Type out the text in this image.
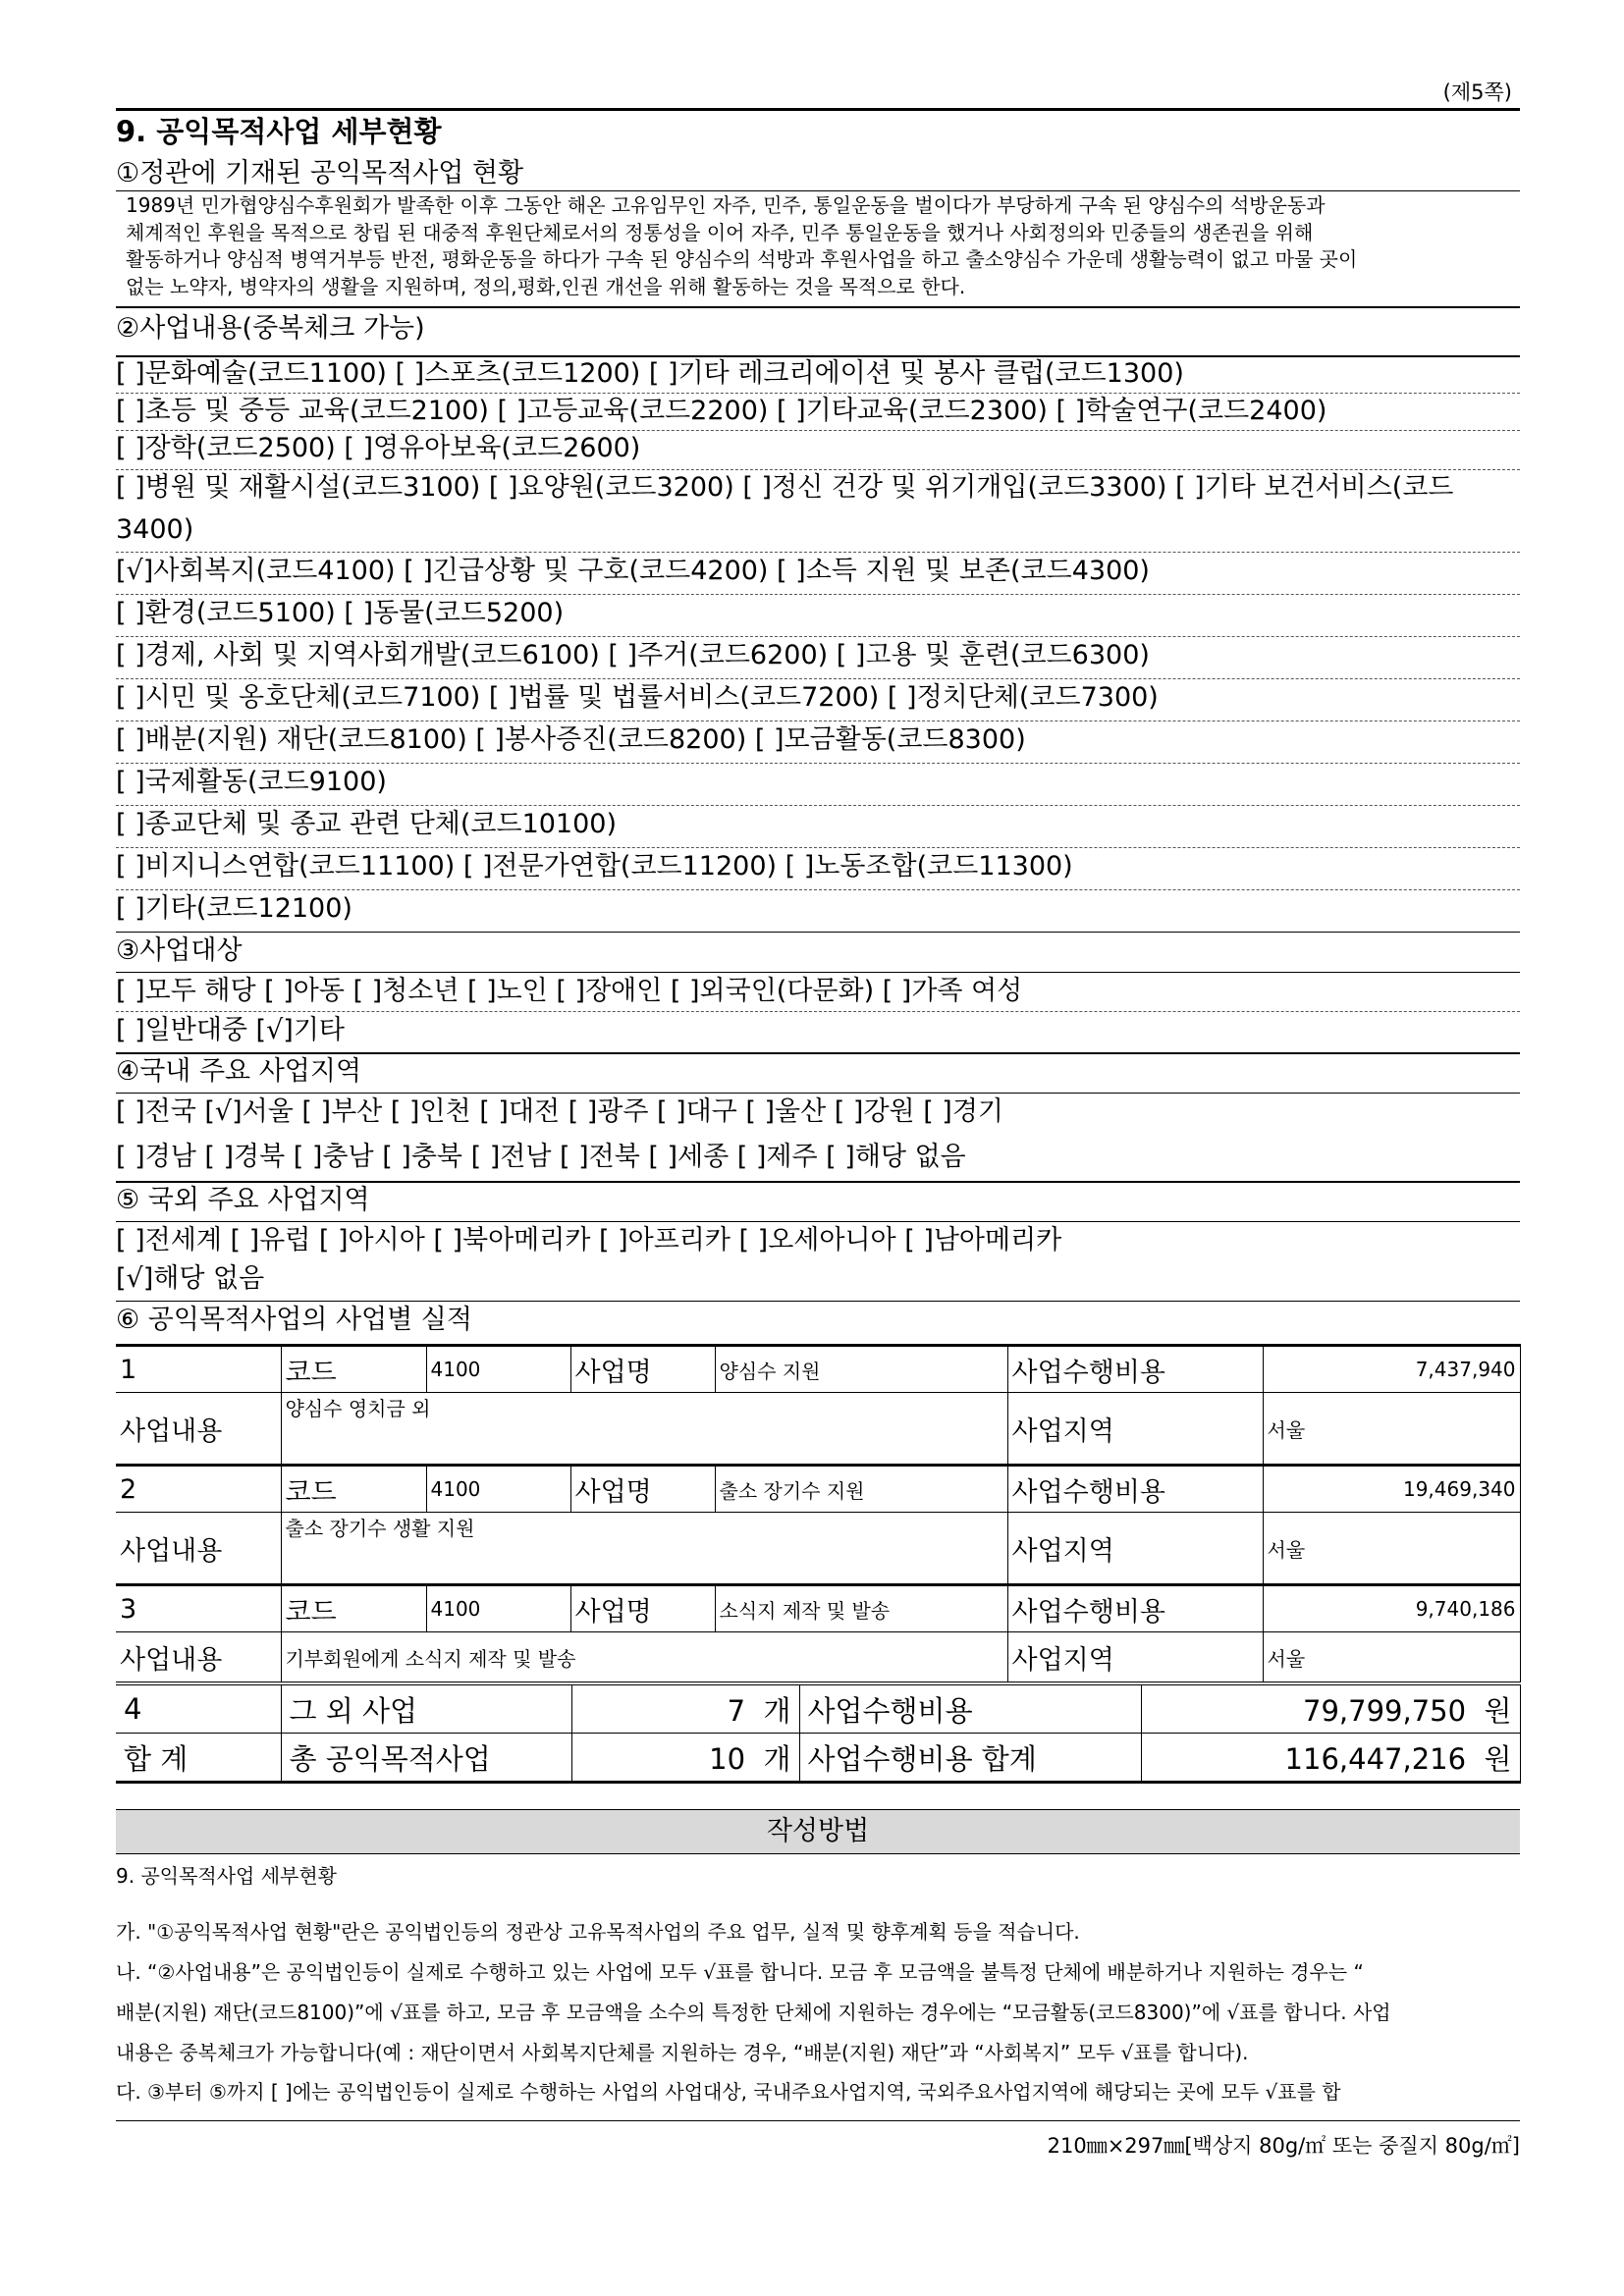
(제5쪽)
9. 공익목적사업 세부현황
①정관에 기재된 공익목적사업 현황
1989년 민가협양심수후원회가 발족한 이후 그동안 해온 고유임무인 자주, 민주, 통일운동을 벌이다가 부당하게 구속 된 양심수의 석방운동과
체계적인 후원을 목적으로 창립 된 대중적 후원단체로서의 정통성을 이어 자주, 민주 통일운동을 했거나 사회정의와 민중들의 생존권을 위해
활동하거나 양심적 병역거부등 반전, 평화운동을 하다가 구속 된 양심수의 석방과 후원사업을 하고 출소양심수 가운데 생활능력이 없고 마물 곳이
없는 노약자, 병약자의 생활을 지원하며, 정의,평화,인권 개선을 위해 활동하는 것을 목적으로 한다.
②사업내용(중복체크 가능)
[ ]문화예술(코드1100) [ ]스포츠(코드1200) [ ]기타 레크리에이션 및 봉사 클럽(코드1300)
[ ]초등 및 중등 교육(코드2100) [ ]고등교육(코드2200) [ ]기타교육(코드2300) [ ]학술연구(코드2400)
[ ]장학(코드2500) [ ]영유아보육(코드2600)
[ ]병원 및 재활시설(코드3100) [ ]요양원(코드3200) [ ]정신 건강 및 위기개입(코드3300) [ ]기타 보건서비스(코드
3400)
[√]사회복지(코드4100) [ ]긴급상황 및 구호(코드4200) [ ]소득 지원 및 보존(코드4300)
[ ]환경(코드5100) [ ]동물(코드5200)
[ ]경제, 사회 및 지역사회개발(코드6100) [ ]주거(코드6200) [ ]고용 및 훈련(코드6300)
[ ]시민 및 옹호단체(코드7100) [ ]법률 및 법률서비스(코드7200) [ ]정치단체(코드7300)
[ ]배분(지원) 재단(코드8100) [ ]봉사증진(코드8200) [ ]모금활동(코드8300)
[ ]국제활동(코드9100)
[ ]종교단체 및 종교 관련 단체(코드10100)
[ ]비지니스연합(코드11100) [ ]전문가연합(코드11200) [ ]노동조합(코드11300)
[ ]기타(코드12100)
③사업대상
[ ]모두 해당 [ ]아동 [ ]청소년 [ ]노인 [ ]장애인 [ ]외국인(다문화) [ ]가족 여성
[ ]일반대중 [√]기타
④국내 주요 사업지역
[ ]전국 [√]서울 [ ]부산 [ ]인천 [ ]대전 [ ]광주 [ ]대구 [ ]울산 [ ]강원 [ ]경기
[ ]경남 [ ]경북 [ ]충남 [ ]충북 [ ]전남 [ ]전북 [ ]세종 [ ]제주 [ ]해당 없음
⑤ 국외 주요 사업지역
[ ]전세계 [ ]유럽 [ ]아시아 [ ]북아메리카 [ ]아프리카 [ ]오세아니아 [ ]남아메리카
[√]해당 없음
⑥ 공익목적사업의 사업별 실적
1	코드	4100	사업명	양심수 지원	사업수행비용	7,437,940
사업내용	$^{양심수 영치금 외}$				사업지역	서울
2	코드	4100	사업명	출소 장기수 지원	사업수행비용	19,469,340
사업내용	$^{출소 장기수 생활 지원}$				사업지역	서울
3	코드	4100	사업명	소식지 제작 및 발송	사업수행비용	9,740,186
사업내용	기부회원에게 소식지 제작 및 발송				사업지역	서울
4	그 외 사업	7 개	사업수행비용	79,799,750 원
합 계	총 공익목적사업	10 개	사업수행비용 합계	116,447,216 원
작성방법
9. 공익목적사업 세부현황
가. "①공익목적사업 현황"란은 공익법인등의 정관상 고유목적사업의 주요 업무, 실적 및 향후계획 등을 적습니다.
나. “②사업내용”은 공익법인등이 실제로 수행하고 있는 사업에 모두 √표를 합니다. 모금 후 모금액을 불특정 단체에 배분하거나 지원하는 경우는 “
배분(지원) 재단(코드8100)”에 √표를 하고, 모금 후 모금액을 소수의 특정한 단체에 지원하는 경우에는 “모금활동(코드8300)”에 √표를 합니다. 사업
내용은 중복체크가 가능합니다(예 : 재단이면서 사회복지단체를 지원하는 경우, “배분(지원) 재단”과 “사회복지” 모두 √표를 합니다).
다. ③부터 ⑤까지 [ ]에는 공익법인등이 실제로 수행하는 사업의 사업대상, 국내주요사업지역, 국외주요사업지역에 해당되는 곳에 모두 √표를 합
210㎜×297㎜[백상지 80g/㎡ 또는 중질지 80g/㎡]
